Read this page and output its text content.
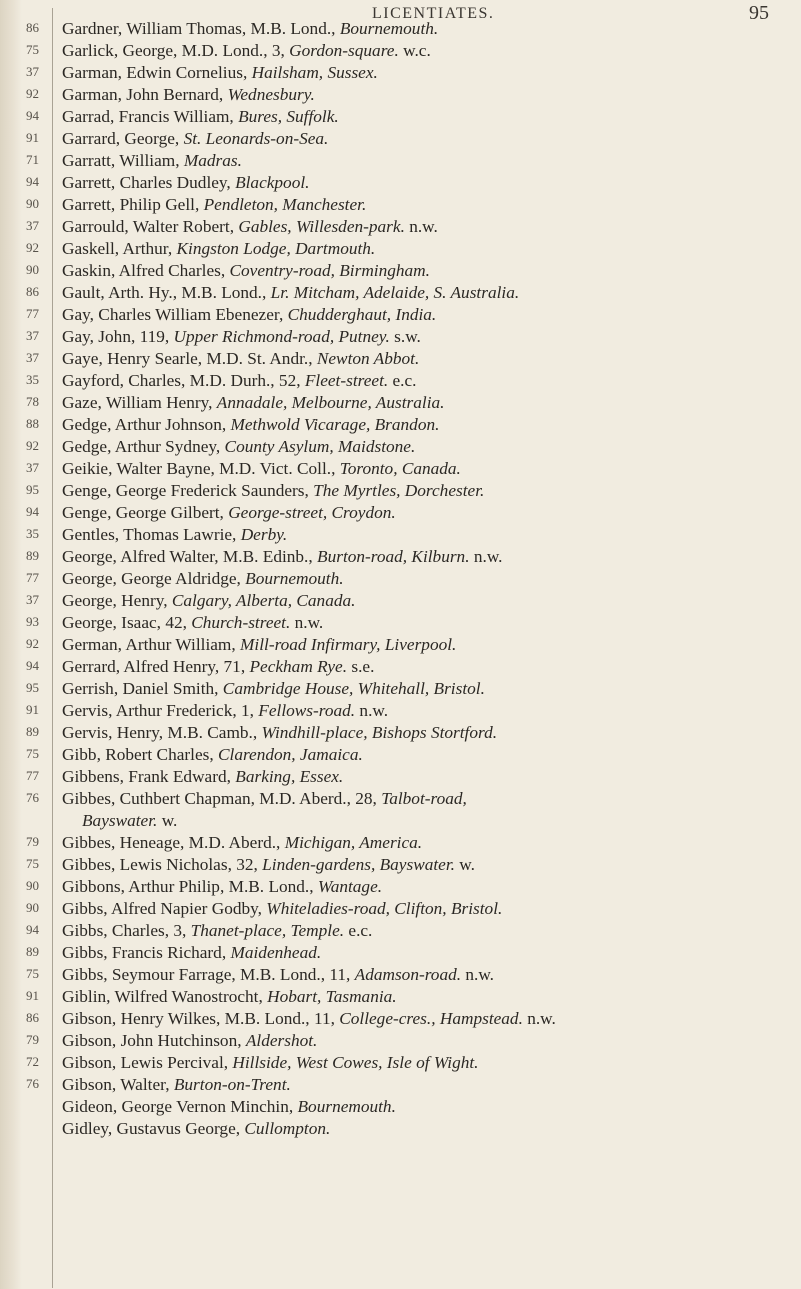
LICENTIATES.	95
86
75
37
92
94
91
71
94
90
37
92
90
86
77
37
37
35
78
88
92
37
95
94
35
89
77
37
93
92
94
95
91
89
75
77
76
79
75
90
90
94
89
75
91
86
79
72
76
Gardner, William Thomas, M.B. Lond., Bournemouth.
Garlick, George, M.D. Lond., 3, Gordon-square. w.c.
Garman, Edwin Cornelius, Hailsham, Sussex.
Garman, John Bernard, Wednesbury.
Garrad, Francis William, Bures, Suffolk.
Garrard, George, St. Leonards-on-Sea.
Garratt, William, Madras.
Garrett, Charles Dudley, Blackpool.
Garrett, Philip Gell, Pendleton, Manchester.
Garrould, Walter Robert, Gables, Willesden-park. n.w.
Gaskell, Arthur, Kingston Lodge, Dartmouth.
Gaskin, Alfred Charles, Coventry-road, Birmingham.
Gault, Arth. Hy., M.B. Lond., Lr. Mitcham, Adelaide, S. Australia.
Gay, Charles William Ebenezer, Chudderghaut, India.
Gay, John, 119, Upper Richmond-road, Putney. s.w.
Gaye, Henry Searle, M.D. St. Andr., Newton Abbot.
Gayford, Charles, M.D. Durh., 52, Fleet-street. e.c.
Gaze, William Henry, Annadale, Melbourne, Australia.
Gedge, Arthur Johnson, Methwold Vicarage, Brandon.
Gedge, Arthur Sydney, County Asylum, Maidstone.
Geikie, Walter Bayne, M.D. Vict. Coll., Toronto, Canada.
Genge, George Frederick Saunders, The Myrtles, Dorchester.
Genge, George Gilbert, George-street, Croydon.
Gentles, Thomas Lawrie, Derby.
George, Alfred Walter, M.B. Edinb., Burton-road, Kilburn. n.w.
George, George Aldridge, Bournemouth.
George, Henry, Calgary, Alberta, Canada.
George, Isaac, 42, Church-street. n.w.
German, Arthur William, Mill-road Infirmary, Liverpool.
Gerrard, Alfred Henry, 71, Peckham Rye. s.e.
Gerrish, Daniel Smith, Cambridge House, Whitehall, Bristol.
Gervis, Arthur Frederick, 1, Fellows-road. n.w.
Gervis, Henry, M.B. Camb., Windhill-place, Bishops Stortford.
Gibb, Robert Charles, Clarendon, Jamaica.
Gibbens, Frank Edward, Barking, Essex.
Gibbes, Cuthbert Chapman, M.D. Aberd., 28, Talbot-road,
Bayswater. w.
Gibbes, Heneage, M.D. Aberd., Michigan, America.
Gibbes, Lewis Nicholas, 32, Linden-gardens, Bayswater. w.
Gibbons, Arthur Philip, M.B. Lond., Wantage.
Gibbs, Alfred Napier Godby, Whiteladies-road, Clifton, Bristol.
Gibbs, Charles, 3, Thanet-place, Temple. e.c.
Gibbs, Francis Richard, Maidenhead.
Gibbs, Seymour Farrage, M.B. Lond., 11, Adamson-road. n.w.
Giblin, Wilfred Wanostrocht, Hobart, Tasmania.
Gibson, Henry Wilkes, M.B. Lond., 11, College-cres., Hampstead. n.w.
Gibson, John Hutchinson, Aldershot.
Gibson, Lewis Percival, Hillside, West Cowes, Isle of Wight.
Gibson, Walter, Burton-on-Trent.
Gideon, George Vernon Minchin, Bournemouth.
Gidley, Gustavus George, Cullompton.
